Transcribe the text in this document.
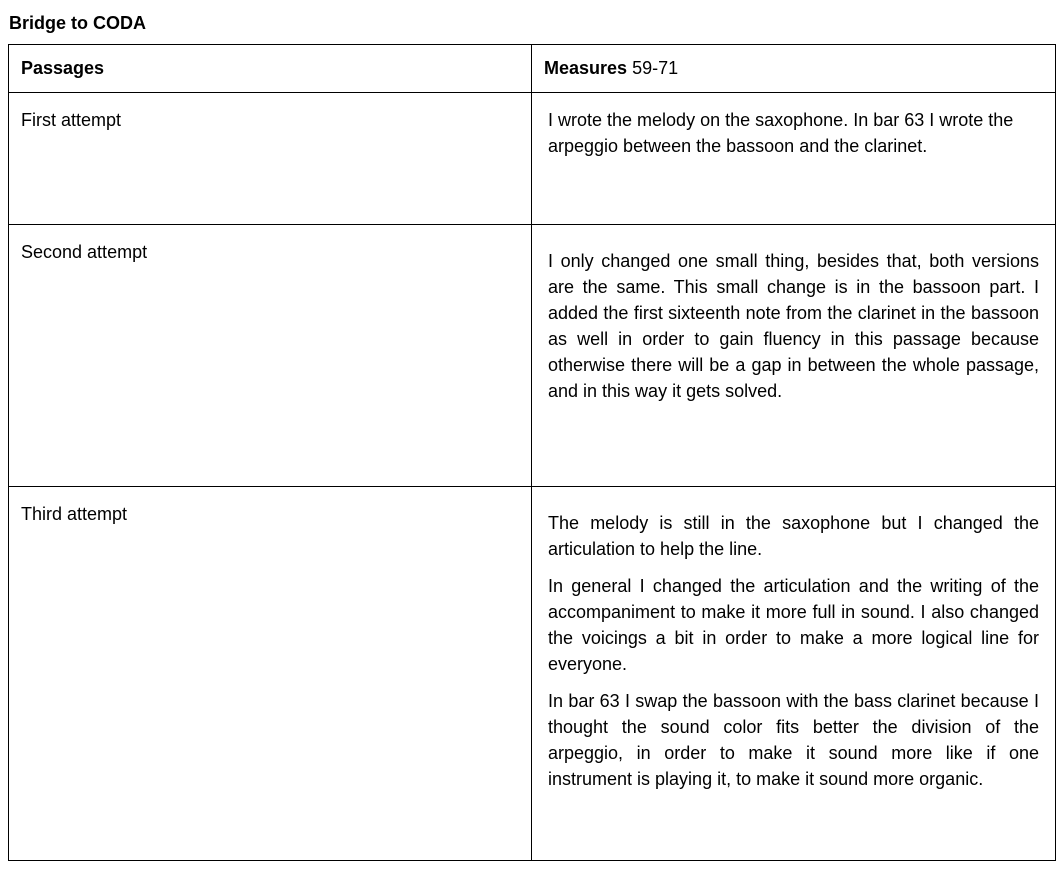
Bridge to CODA
Passages	Measures 59-71
First attempt	I wrote the melody on the saxophone. In bar 63 I wrote the arpeggio between the bassoon and the clarinet.

Second attempt	I only changed one small thing, besides that, both versions are the same. This small change is in the bassoon part. I added the first sixteenth note from the clarinet in the bassoon as well in order to gain fluency in this passage because otherwise there will be a gap in between the whole passage, and in this way it gets solved.

Third attempt	The melody is still in the saxophone but I changed the articulation to help the line.

In general I changed the articulation and the writing of the accompaniment to make it more full in sound. I also changed the voicings a bit in order to make a more logical line for everyone.

In bar 63 I swap the bassoon with the bass clarinet because I thought the sound color fits better the division of the arpeggio, in order to make it sound more like if one instrument is playing it, to make it sound more organic.
